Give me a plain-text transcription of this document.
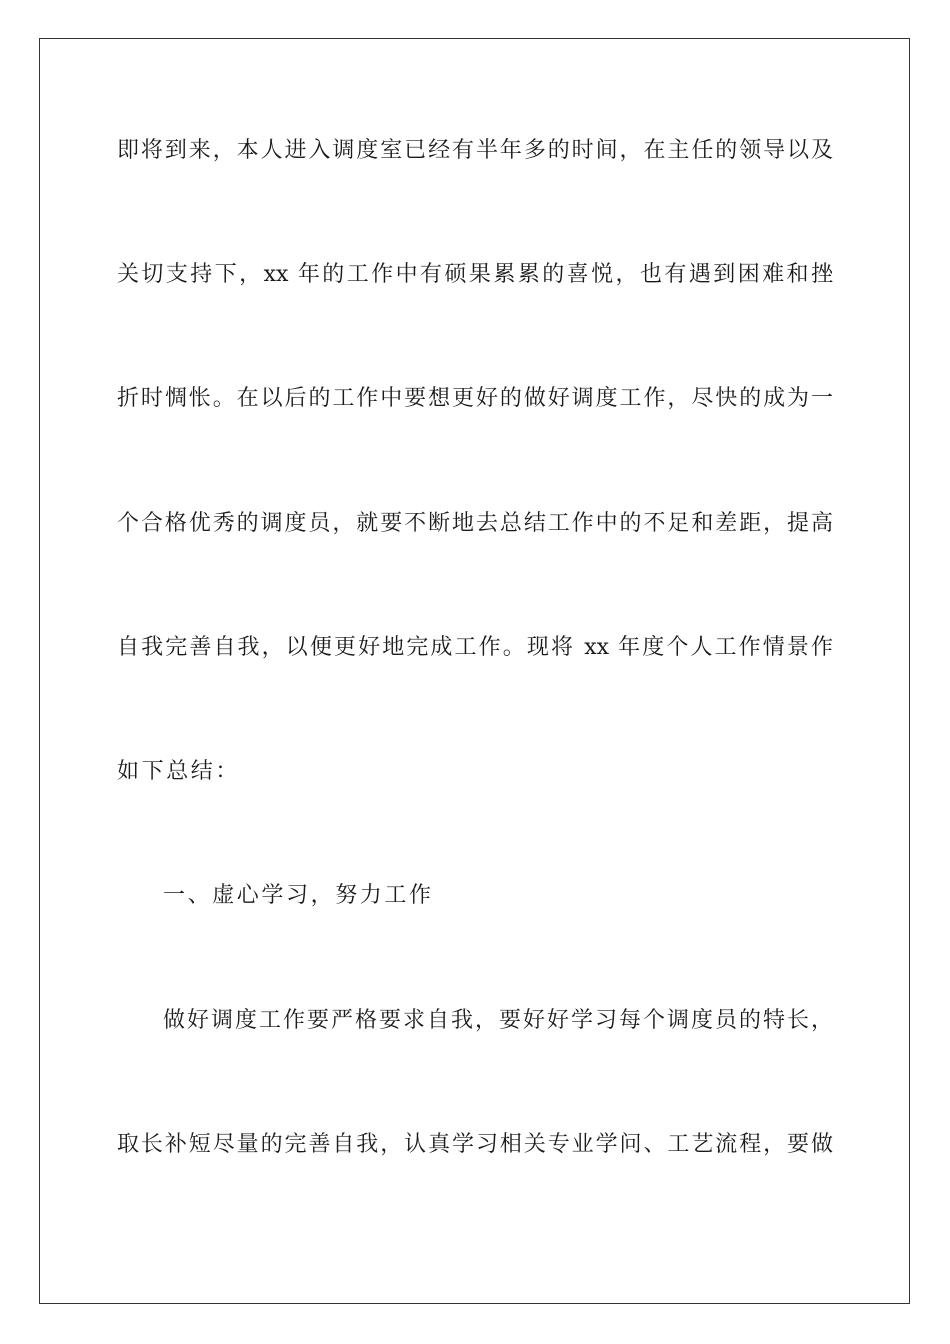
即将到来，本人进入调度室已经有半年多的时间，在主任的领导以及
关切支持下，xx 年的工作中有硕果累累的喜悦，也有遇到困难和挫
折时惆怅。在以后的工作中要想更好的做好调度工作，尽快的成为一
个合格优秀的调度员，就要不断地去总结工作中的不足和差距，提高
自我完善自我，以便更好地完成工作。现将 xx 年度个人工作情景作
如下总结：
一、虚心学习，努力工作
做好调度工作要严格要求自我，要好好学习每个调度员的特长，
取长补短尽量的完善自我，认真学习相关专业学问、工艺流程，要做
